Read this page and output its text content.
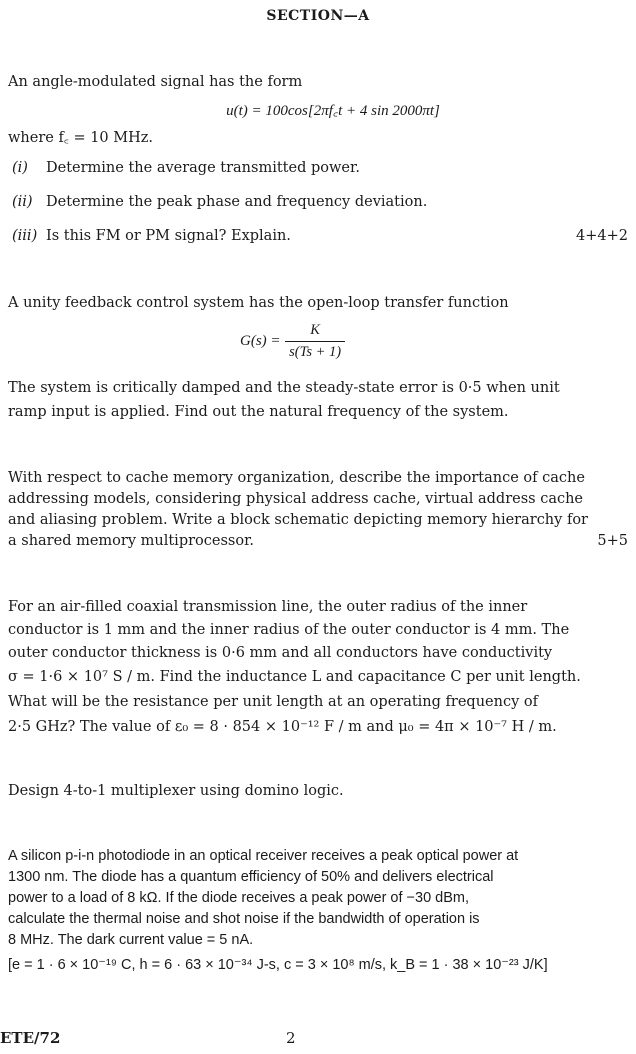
SECTION—A
An angle-modulated signal has the form
u(t) = 100cos[2πf꜀t + 4 sin 2000πt]
where f꜀ = 10 MHz.
(i) Determine the average transmitted power.
(ii) Determine the peak phase and frequency deviation.
(iii) Is this FM or PM signal? Explain.	4+4+2
A unity feedback control system has the open-loop transfer function
$G(s) = \frac{K}{s(Ts + 1)}$
The system is critically damped and the steady-state error is 0·5 when unit
ramp input is applied. Find out the natural frequency of the system.
With respect to cache memory organization, describe the importance of cache
addressing models, considering physical address cache, virtual address cache
and aliasing problem. Write a block schematic depicting memory hierarchy for
a shared memory multiprocessor.	5+5
For an air-filled coaxial transmission line, the outer radius of the inner
conductor is 1 mm and the inner radius of the outer conductor is 4 mm. The
outer conductor thickness is 0·6 mm and all conductors have conductivity
σ = 1·6 × 10⁷ S / m. Find the inductance L and capacitance C per unit length.
What will be the resistance per unit length at an operating frequency of
2·5 GHz? The value of ε₀ = 8 · 854 × 10⁻¹² F / m and μ₀ = 4π × 10⁻⁷ H / m.
Design 4-to-1 multiplexer using domino logic.
A silicon p-i-n photodiode in an optical receiver receives a peak optical power at
1300 nm. The diode has a quantum efficiency of 50% and delivers electrical
power to a load of 8 kΩ. If the diode receives a peak power of −30 dBm,
calculate the thermal noise and shot noise if the bandwidth of operation is
8 MHz. The dark current value = 5 nA.
[e = 1 · 6 × 10⁻¹⁹ C, h = 6 · 63 × 10⁻³⁴ J-s, c = 3 × 10⁸ m/s, k_B = 1 · 38 × 10⁻²³ J/K]
ETE/72	2
